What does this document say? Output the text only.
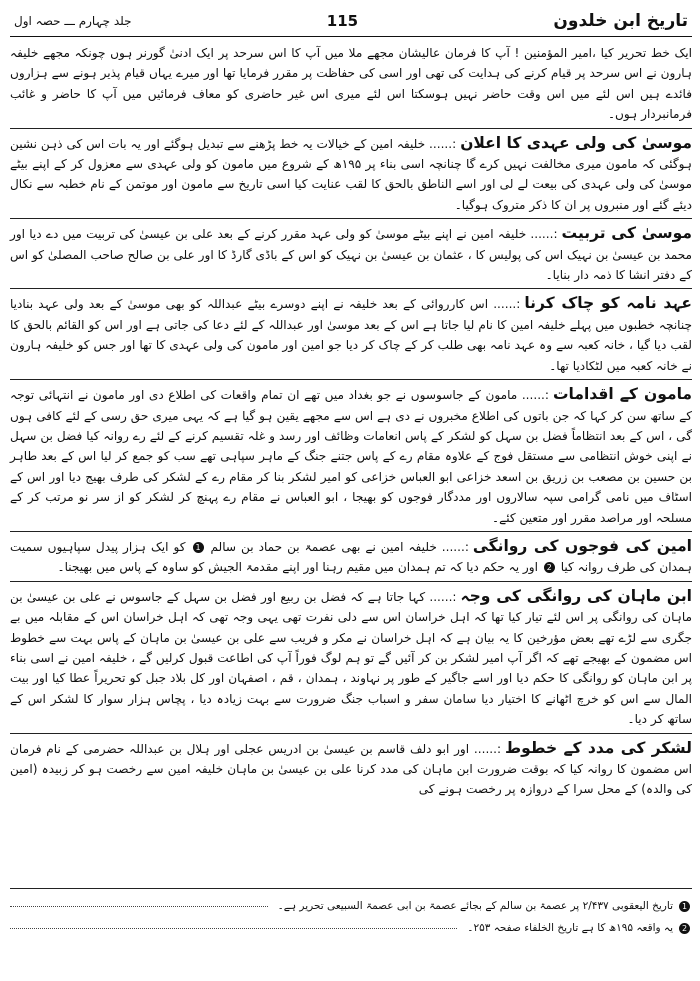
تاریخ ابن خلدون
115
جلد چہارم ـــ حصہ اول

ایک خط تحریر کیا ،امیر المؤمنین ! آپ کا فرمان عالیشان مجھے ملا میں آپ کا اس سرحد پر ایک ادنیٰ گورنر ہوں چونکہ مجھے خلیفہ ہارون نے اس سرحد پر قیام کرنے کی ہدایت کی تھی اور اسی کی حفاظت پر مقرر فرمایا تھا اور میرے یہاں قیام پذیر ہونے سے ہزاروں فائدے ہیں اس لئے میں اس وقت حاضر نہیں ہوسکتا اس لئے میری اس غیر حاضری کو معاف فرمائیں میں آپ کا حاضر و غائب فرمانبردار ہوں۔

موسیٰ کی ولی عہدی کا اعلان:...... خلیفہ امین کے خیالات یہ خط پڑھنے سے تبدیل ہوگئے اور یہ بات اس کی ذہن نشین ہوگئی کہ مامون میری مخالفت نہیں کرے گا چنانچہ اسی بناء پر ۱۹۵ھ کے شروع میں مامون کو ولی عہدی سے معزول کر کے اپنے بیٹے موسیٰ کی ولی عہدی کی بیعت لے لی اور اسے الناطق بالحق کا لقب عنایت کیا اسی تاریخ سے مامون اور موتمن کے نام خطبہ سے نکال دیئے گئے اور منبروں پر ان کا ذکر متروک ہوگیا۔

موسیٰ کی تربیت:...... خلیفہ امین نے اپنے بیٹے موسیٰ کو ولی عہد مقرر کرنے کے بعد علی بن عیسیٰ کی تربیت میں دے دیا اور محمد بن عیسیٰ بن نہیک اس کی پولیس کا ، عثمان بن عیسیٰ بن نہیک کو اس کے باڈی گارڈ کا اور علی بن صالح صاحب المصلیٰ کو اس کے دفتر انشا کا ذمہ دار بنایا۔

عہد نامہ کو چاک کرنا:...... اس کارروائی کے بعد خلیفہ نے اپنے دوسرے بیٹے عبداللہ کو بھی موسیٰ کے بعد ولی عہد بنادیا چنانچہ خطبوں میں پہلے خلیفہ امین کا نام لیا جاتا ہے اس کے بعد موسیٰ اور عبداللہ کے لئے دعا کی جاتی ہے اور اس کو القائم بالحق کا لقب دیا گیا ، خانہ کعبہ سے وہ عہد نامہ بھی طلب کر کے چاک کر دیا جو امین اور مامون کی ولی عہدی کا تھا اور جس کو خلیفہ ہارون نے خانہ کعبہ میں لٹکادیا تھا۔

مامون کے اقدامات:...... مامون کے جاسوسوں نے جو بغداد میں تھے ان تمام واقعات کی اطلاع دی اور مامون نے انتہائی توجہ کے ساتھ سن کر کہا کہ جن باتوں کی اطلاع مخبروں نے دی ہے اس سے مجھے یقین ہو گیا ہے کہ یہی میری حق رسی کے لئے کافی ہوں گی ، اس کے بعد انتظاماً فضل بن سہل کو لشکر کے پاس انعامات وظائف اور رسد و غلہ تقسیم کرنے کے لئے رے روانہ کیا فضل بن سہل نے اپنی خوش انتظامی سے مستقل فوج کے علاوہ مقام رے کے پاس جتنے جنگ کے ماہر سپاہی تھے سب کو جمع کر لیا اس کے بعد طاہر بن حسین بن مصعب بن زریق بن اسعد خزاعی ابو العباس خزاعی کو امیر لشکر بنا کر مقام رے کے لشکر کی طرف بھیج دیا اور اس کے اسٹاف میں نامی گرامی سپہ سالاروں اور مددگار فوجوں کو بھیجا ، ابو العباس نے مقام رے پہنچ کر لشکر کو از سر نو مرتب کر کے مسلحہ اور مراصد مقرر اور متعین کئے۔

امین کی فوجوں کی روانگی:...... خلیفہ امین نے بھی عصمۃ بن حماد بن سالم 1 کو ایک ہزار پیدل سپاہیوں سمیت ہمدان کی طرف روانہ کیا 2 اور یہ حکم دیا کہ تم ہمدان میں مقیم رہنا اور اپنے مقدمۃ الجیش کو ساوہ کے پاس میں بھیجنا۔

ابن ماہان کی روانگی کی وجہ:...... کہا جاتا ہے کہ فضل بن ربیع اور فضل بن سہل کے جاسوس نے علی بن عیسیٰ بن ماہان کی روانگی پر اس لئے تیار کیا تھا کہ اہل خراسان اس سے دلی نفرت تھی یہی وجہ تھی کہ اہل خراسان اس کے مقابلہ میں بے جگری سے لڑے تھے بعض مؤرخین کا یہ بیان ہے کہ اہل خراسان نے مکر و فریب سے علی بن عیسیٰ بن ماہان کے پاس بہت سے خطوط اس مضمون کے بھیجے تھے کہ اگر آپ امیر لشکر بن کر آئیں گے تو ہم لوگ فوراً آپ کی اطاعت قبول کرلیں گے ، خلیفہ امین نے اسی بناء پر ابن ماہان کو روانگی کا حکم دیا اور اسے جاگیر کے طور پر نہاوند ، ہمدان ، قم ، اصفہان اور کل بلاد جبل کو تحریراً عطا کیا اور بیت المال سے اس کو خرچ اٹھانے کا اختیار دیا سامان سفر و اسباب جنگ ضرورت سے بہت زیادہ دیا ، پچاس ہزار سوار کا لشکر اس کے ساتھ کر دیا۔

لشکر کی مدد کے خطوط:...... اور ابو دلف قاسم بن عیسیٰ بن ادریس عجلی اور ہلال بن عبداللہ حضرمی کے نام فرمان اس مضمون کا روانہ کیا کہ بوقت ضرورت ابن ماہان کی مدد کرنا علی بن عیسیٰ بن ماہان خلیفہ امین سے رخصت ہو کر زبیدہ (امین کی والدہ) کے محل سرا کے دروازہ پر رخصت ہونے کی

1
تاریخ الیعقوبی ۲/۴۳۷ پر عصمۃ بن سالم کے بجائے عصمۃ بن ابی عصمۃ السبیعی تحریر ہے۔
2
یہ واقعہ ۱۹۵ھ کا ہے تاریخ الخلفاء صفحہ ۲۵۳۔
